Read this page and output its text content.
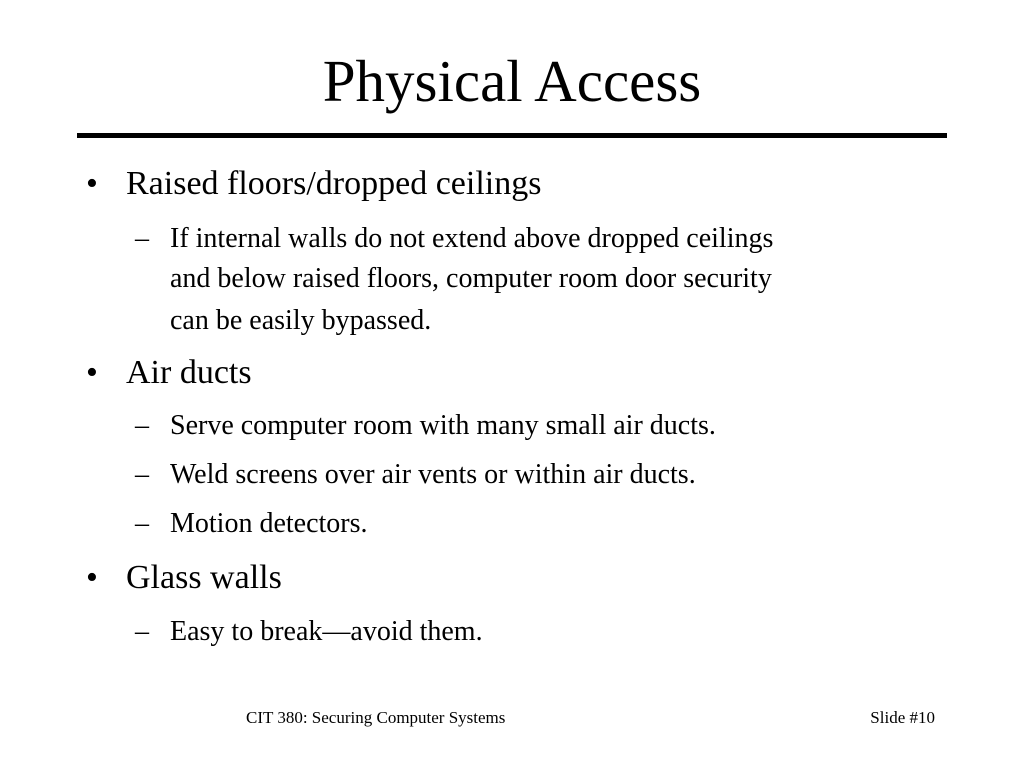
Physical Access
• Raised floors/dropped ceilings
– If internal walls do not extend above dropped ceilings
and below raised floors, computer room door security
can be easily bypassed.
• Air ducts
– Serve computer room with many small air ducts.
– Weld screens over air vents or within air ducts.
– Motion detectors.
• Glass walls
– Easy to break—avoid them.
CIT 380: Securing Computer Systems	Slide #10
